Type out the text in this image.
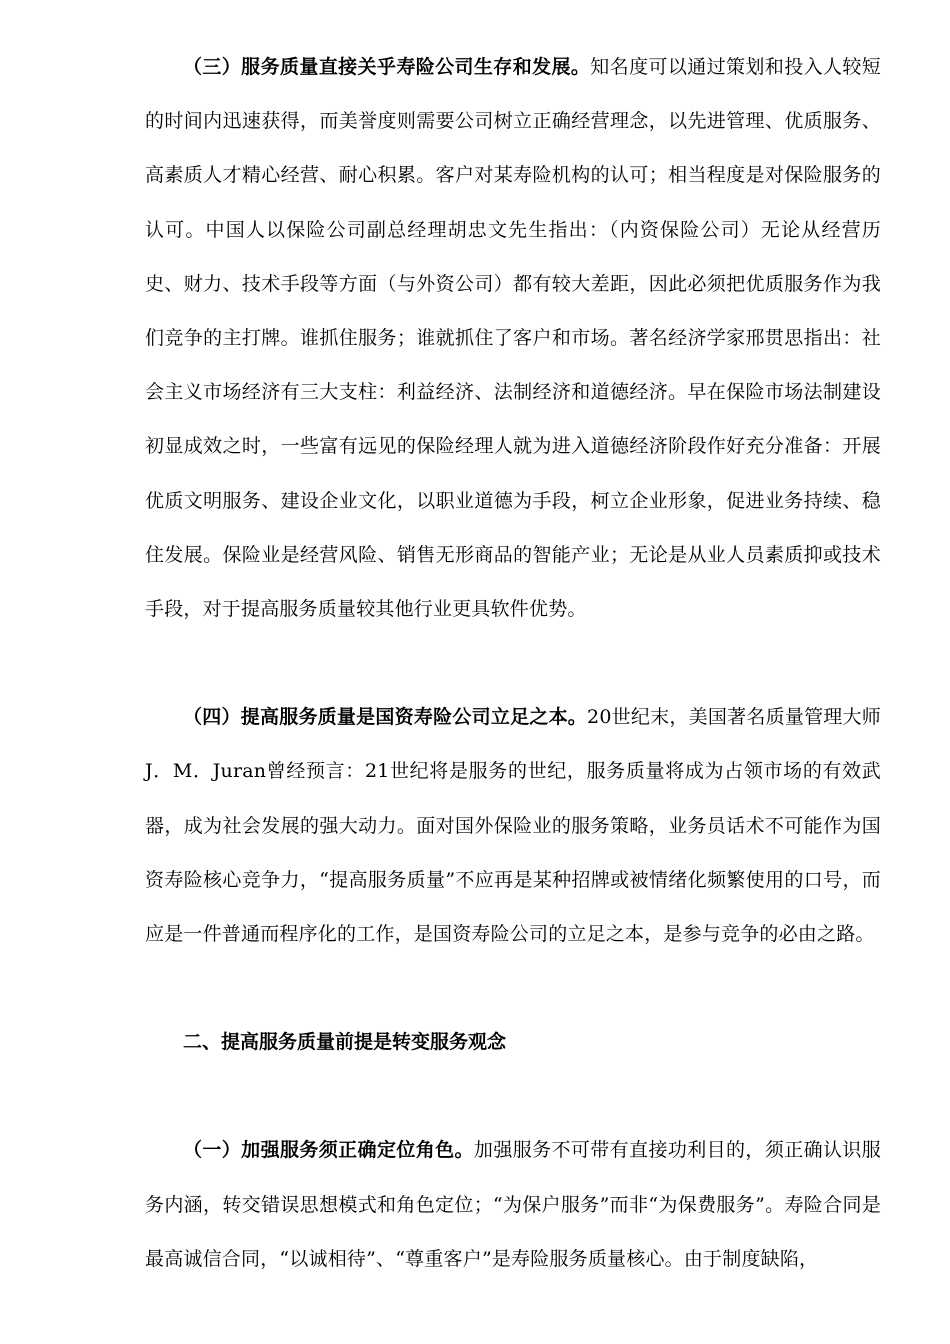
（三）服务质量直接关乎寿险公司生存和发展。知名度可以通过策划和投入人较短的时间内迅速获得，而美誉度则需要公司树立正确经营理念，以先进管理、优质服务、高素质人才精心经营、耐心积累。客户对某寿险机构的认可；相当程度是对保险服务的认可。中国人以保险公司副总经理胡忠文先生指出：（内资保险公司）无论从经营历史、财力、技术手段等方面（与外资公司）都有较大差距，因此必须把优质服务作为我们竞争的主打牌。谁抓住服务；谁就抓住了客户和市场。著名经济学家邢贯思指出：社会主义市场经济有三大支柱：利益经济、法制经济和道德经济。早在保险市场法制建设初显成效之时，一些富有远见的保险经理人就为进入道德经济阶段作好充分准备：开展优质文明服务、建设企业文化，以职业道德为手段，柯立企业形象，促进业务持续、稳住发展。保险业是经营风险、销售无形商品的智能产业；无论是从业人员素质抑或技术手段，对于提高服务质量较其他行业更具软件优势。

（四）提高服务质量是国资寿险公司立足之本。20世纪末，美国著名质量管理大师J．M．Juran曾经预言：21世纪将是服务的世纪，服务质量将成为占领市场的有效武器，成为社会发展的强大动力。面对国外保险业的服务策略，业务员话术不可能作为国资寿险核心竞争力，“提高服务质量”不应再是某种招牌或被情绪化频繁使用的口号，而应是一件普通而程序化的工作，是国资寿险公司的立足之本，是参与竞争的必由之路。

二、提高服务质量前提是转变服务观念

（一）加强服务须正确定位角色。加强服务不可带有直接功利目的，须正确认识服务内涵，转交错误思想模式和角色定位；“为保户服务”而非“为保费服务”。寿险合同是最高诚信合同，“以诚相待”、“尊重客户”是寿险服务质量核心。由于制度缺陷，
